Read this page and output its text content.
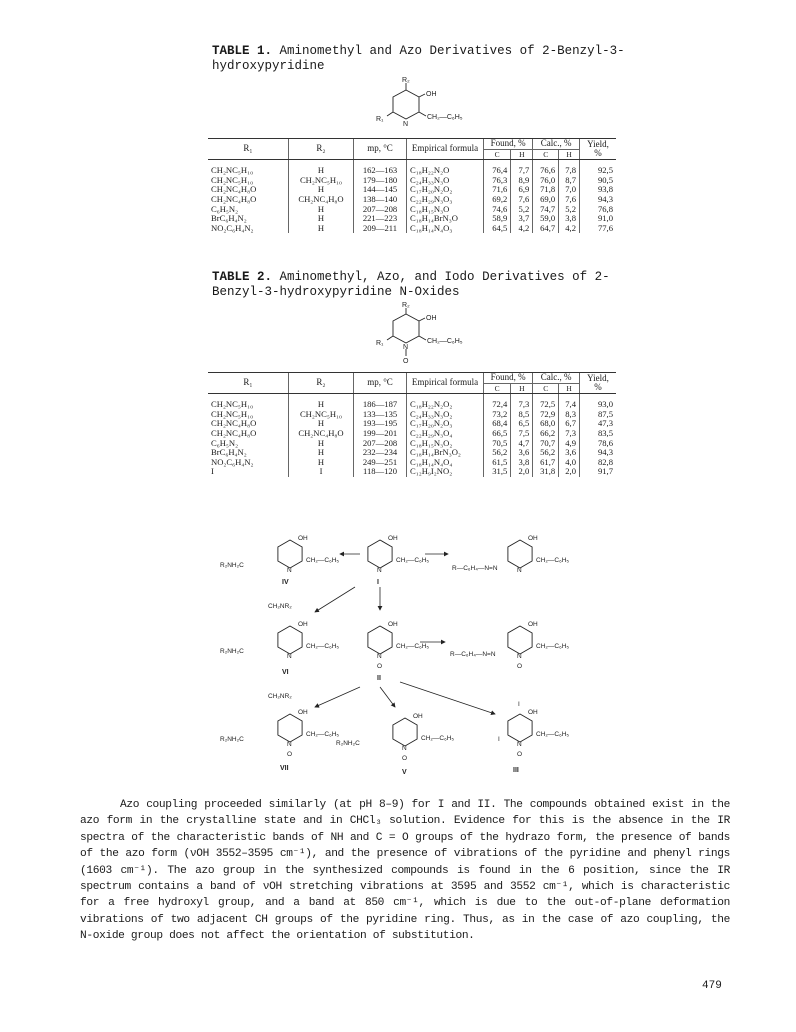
TABLE 1. Aminomethyl and Azo Derivatives of 2-Benzyl-3-hydroxypyridine
R₂
OH
CH₂—C₆H₅
R₁
N
R₁	R₂	mp, °C	Empirical formula	Found, %		Calc., %		Yield, %
				C	H	C	H	
CH₂NC₅H₁₀	H	162—163	C₁₈H₂₂N₂O	76,4	7,7	76,6	7,8	92,5
CH₂NC₅H₁₀	CH₂NC₅H₁₀	179—180	C₂₄H₃₃N₃O	76,3	8,9	76,0	8,7	90,5
CH₂NC₄H₈O	H	144—145	C₁₇H₂₀N₂O₂	71,6	6,9	71,8	7,0	93,8
CH₂NC₄H₈O	CH₂NC₄H₈O	138—140	C₂₂H₂₉N₃O₃	69,2	7,6	69,0	7,6	94,3
C₆H₅N₂	H	207—208	C₁₈H₁₅N₃O	74,6	5,2	74,7	5,2	76,8
BrC₆H₄N₂	H	221—223	C₁₈H₁₄BrN₃O	58,9	3,7	59,0	3,8	91,0
NO₂C₆H₄N₂	H	209—211	C₁₈H₁₄N₄O₃	64,5	4,2	64,7	4,2	77,6
TABLE 2. Aminomethyl, Azo, and Iodo Derivatives of 2-Benzyl-3-hydroxypyridine N-Oxides
R₂
OH
CH₂—C₆H₅
R₁
N
O
R₁	R₂	mp, °C	Empirical formula	Found, %		Calc., %		Yield, %
				C	H	C	H	
CH₂NC₅H₁₀	H	186—187	C₁₈H₂₂N₂O₂	72,4	7,3	72,5	7,4	93,0
CH₂NC₅H₁₀	CH₂NC₅H₁₀	133—135	C₂₄H₃₃N₃O₂	73,2	8,5	72,9	8,3	87,5
CH₂NC₄H₈O	H	193—195	C₁₇H₂₀N₂O₃	68,4	6,5	68,0	6,7	47,3
CH₂NC₄H₈O	CH₂NC₄H₈O	199—201	C₂₂H₂₉N₃O₄	66,5	7,5	66,2	7,3	83,5
C₆H₅N₂	H	207—208	C₁₈H₁₅N₃O₂	70,5	4,7	70,7	4,9	78,6
BrC₆H₄N₂	H	232—234	C₁₈H₁₄BrN₃O₂	56,2	3,6	56,2	3,6	94,3
NO₂C₆H₄N₂	H	249—251	C₁₈H₁₄N₄O₄	61,5	3,8	61,7	4,0	82,8
I	I	118—120	C₁₂H₉I₂NO₂	31,5	2,0	31,8	2,0	91,7
OH
CH₂—C₆H₅
R₂NH₂C
N
IV
OH
CH₂—C₆H₅
N
I
R—C₆H₄—N=N
OH
CH₂—C₆H₅
N
CH₂NR₂
OH
CH₂—C₆H₅
R₂NH₂C
N
VI
OH
CH₂—C₆H₅
N
O
II
R—C₆H₄—N=N
OH
CH₂—C₆H₅
N
O
CH₂NR₂
OH
CH₂—C₆H₅
R₂NH₂C
N
O
VII
OH
CH₂—C₆H₅
R₂NH₂C
N
O
V
I
OH
CH₂—C₆H₅
I
N
O
III
Azo coupling proceeded similarly (at pH 8–9) for I and II. The compounds obtained exist in the azo form in the crystalline state and in CHCl₃ solution. Evidence for this is the absence in the IR spectra of the characteristic bands of NH and C = O groups of the hydrazo form, the presence of bands of the azo form (νOH 3552–3595 cm⁻¹), and the presence of vibrations of the pyridine and phenyl rings (1603 cm⁻¹). The azo group in the synthesized compounds is found in the 6 position, since the IR spectrum contains a band of νOH stretching vibrations at 3595 and 3552 cm⁻¹, which is characteristic for a free hydroxyl group, and a band at 850 cm⁻¹, which is due to the out-of-plane deformation vibrations of two adjacent CH groups of the pyridine ring. Thus, as in the case of azo coupling, the N-oxide group does not affect the orientation of substitution.
479
